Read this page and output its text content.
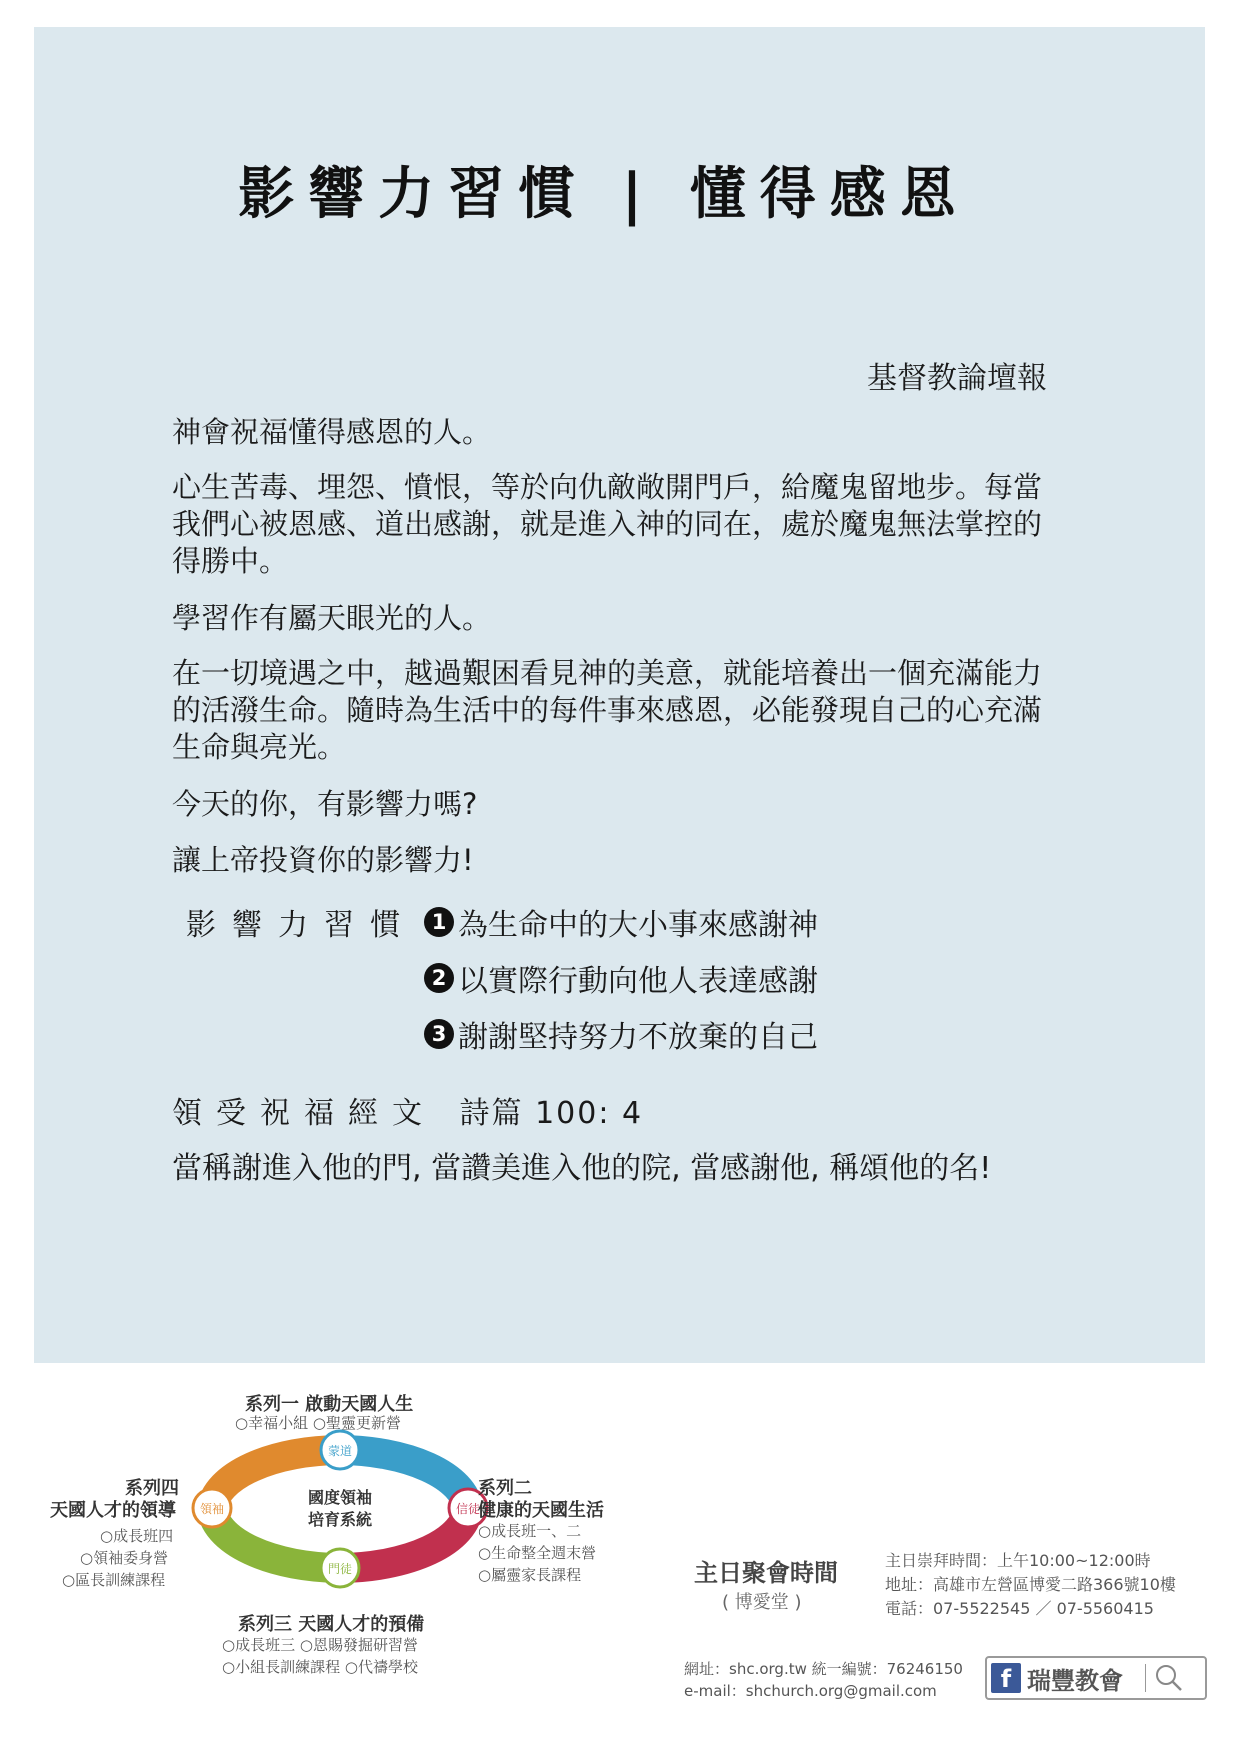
影響力習慣 | 懂得感恩
基督教論壇報
神會祝福懂得感恩的人。
心生苦毒、埋怨、憤恨，等於向仇敵敞開門戶，給魔鬼留地步。每當我們心被恩感、道出感謝，就是進入神的同在，處於魔鬼無法掌控的得勝中。
學習作有屬天眼光的人。
在一切境遇之中，越過艱困看見神的美意，就能培養出一個充滿能力的活潑生命。隨時為生活中的每件事來感恩，必能發現自己的心充滿生命與亮光。
今天的你，有影響力嗎?
讓上帝投資你的影響力!
影響力習慣 1 為生命中的大小事來感謝神
2 以實際行動向他人表達感謝
3 謝謝堅持努力不放棄的自己
領受祝福經文 詩篇 100: 4
當稱謝進入他的門, 當讚美進入他的院, 當感謝他, 稱頌他的名!
蒙道
信徒
門徒
領袖
國度領袖
培育系統
系列一 啟動天國人生
○幸福小組 ○聖靈更新營
系列二
健康的天國生活
○成長班一、二
○生命整全週末營
○屬靈家長課程
系列三 天國人才的預備
○成長班三 ○恩賜發掘研習營
○小組長訓練課程 ○代禱學校
系列四
天國人才的領導
○成長班四
○領袖委身營
○區長訓練課程	主日聚會時間
( 博愛堂 )
主日崇拜時間：上午10:00~12:00時
地址：高雄市左營區博愛二路366號10樓
電話：07-5522545 ／ 07-5560415
網址：shc.org.tw 統一編號：76246150
e-mail：shchurch.org@gmail.com	f 瑞豐教會
